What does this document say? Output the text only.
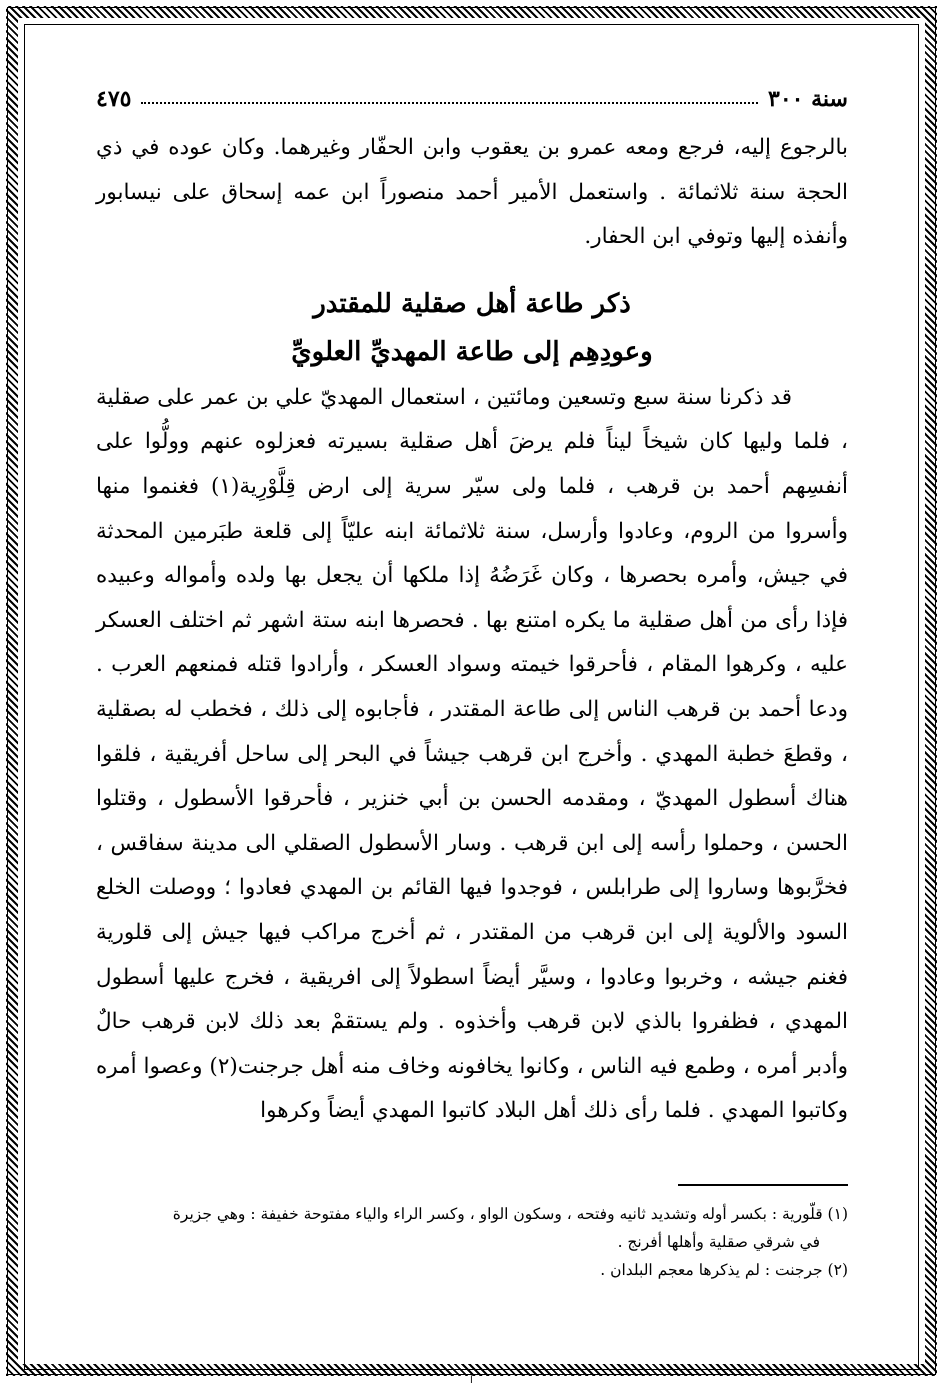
سنة ٣٠٠
٤٧٥

بالرجوع إليه، فرجع ومعه عمرو بن يعقوب وابن الحفّار وغيرهما. وكان عوده في ذي الحجة سنة ثلاثمائة . واستعمل الأمير أحمد منصوراً ابن عمه إسحاق على نيسابور وأنفذه إليها وتوفي ابن الحفار.

ذكر طاعة أهل صقلية للمقتدر

وعودِهِم إلى طاعة المهديِّ العلويِّ

قد ذكرنا سنة سبع وتسعين ومائتين ، استعمال المهديّ علي بن عمر على صقلية ، فلما وليها كان شيخاً ليناً فلم يرضَ أهل صقلية بسيرته فعزلوه عنهم وولُّوا على أنفسِهم أحمد بن قرهب ، فلما ولى سيّر سرية إلى ارض قِلَّوْرِية(١) فغنموا منها وأسروا من الروم، وعادوا وأرسل، سنة ثلاثمائة ابنه عليّاً إلى قلعة طبَرمين المحدثة في جيش، وأمره بحصرها ، وكان غَرَضُهُ إذا ملكها أن يجعل بها ولده وأمواله وعبيده فإذا رأى من أهل صقلية ما يكره امتنع بها . فحصرها ابنه ستة اشهر ثم اختلف العسكر عليه ، وكرهوا المقام ، فأحرقوا خيمته وسواد العسكر ، وأرادوا قتله فمنعهم العرب . ودعا أحمد بن قرهب الناس إلى طاعة المقتدر ، فأجابوه إلى ذلك ، فخطب له بصقلية ، وقطعَ خطبة المهدي . وأخرج ابن قرهب جيشاً في البحر إلى ساحل أفريقية ، فلقوا هناك أسطول المهديّ ، ومقدمه الحسن بن أبي خنزير ، فأحرقوا الأسطول ، وقتلوا الحسن ، وحملوا رأسه إلى ابن قرهب . وسار الأسطول الصقلي الى مدينة سفاقس ، فخرَّبوها وساروا إلى طرابلس ، فوجدوا فيها القائم بن المهدي فعادوا ؛ ووصلت الخلع السود والألوية إلى ابن قرهب من المقتدر ، ثم أخرج مراكب فيها جيش إلى قلورية فغنم جيشه ، وخربوا وعادوا ، وسيَّر أيضاً اسطولاً إلى افريقية ، فخرج عليها أسطول المهدي ، فظفروا بالذي لابن قرهب وأخذوه . ولم يستقمْ بعد ذلك لابن قرهب حالٌ وأدبر أمره ، وطمع فيه الناس ، وكانوا يخافونه وخاف منه أهل جرجنت(٢) وعصوا أمره وكاتبوا المهدي . فلما رأى ذلك أهل البلاد كاتبوا المهدي أيضاً وكرهوا

(١) قلّورية : بكسر أوله وتشديد ثانيه وفتحه ، وسكون الواو ، وكسر الراء والياء مفتوحة خفيفة : وهي جزيرة
في شرقي صقلية وأهلها أفرنج .

(٢) جرجنت : لم يذكرها معجم البلدان .

أ
